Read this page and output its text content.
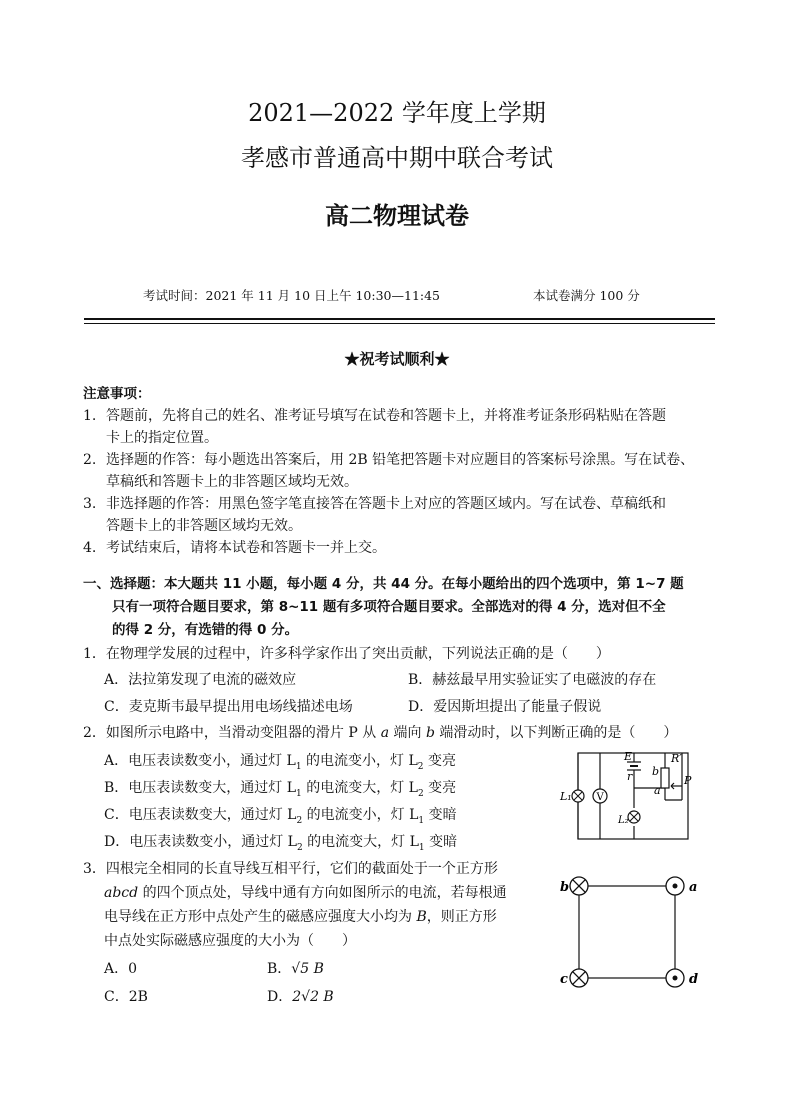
2021—2022 学年度上学期
孝感市普通高中期中联合考试
高二物理试卷
考试时间：2021 年 11 月 10 日上午 10:30—11:45	本试卷满分 100 分
★祝考试顺利★
注意事项：
1. 答题前，先将自己的姓名、准考证号填写在试卷和答题卡上，并将准考证条形码粘贴在答题
卡上的指定位置。
2. 选择题的作答：每小题选出答案后，用 2B 铅笔把答题卡对应题目的答案标号涂黑。写在试卷、
草稿纸和答题卡上的非答题区域均无效。
3. 非选择题的作答：用黑色签字笔直接答在答题卡上对应的答题区域内。写在试卷、草稿纸和
答题卡上的非答题区域均无效。
4. 考试结束后，请将本试卷和答题卡一并上交。
一、选择题：本大题共 11 小题，每小题 4 分，共 44 分。在每小题给出的四个选项中，第 1~7 题
只有一项符合题目要求，第 8~11 题有多项符合题目要求。全部选对的得 4 分，选对但不全
的得 2 分，有选错的得 0 分。
1．在物理学发展的过程中，许多科学家作出了突出贡献，下列说法正确的是（　　）
A．法拉第发现了电流的磁效应	B．赫兹最早用实验证实了电磁波的存在
C．麦克斯韦最早提出用电场线描述电场	D．爱因斯坦提出了能量子假说
2．如图所示电路中，当滑动变阻器的滑片 P 从 a 端向 b 端滑动时，以下判断正确的是（　　）
A．电压表读数变小，通过灯 $L_1$ 的电流变小，灯 $L_2$ 变亮
B．电压表读数变大，通过灯 $L_1$ 的电流变大，灯 $L_2$ 变亮
C．电压表读数变大，通过灯 $L_2$ 的电流变小，灯 $L_1$ 变暗
D．电压表读数变小，通过灯 $L_2$ 的电流变大，灯 $L_1$ 变暗
V
E
r b
a
R′
P
L₁
L₂
3．四根完全相同的长直导线互相平行，它们的截面处于一个正方形
abcd 的四个顶点处，导线中通有方向如图所示的电流，若每根通
电导线在正方形中点处产生的磁感应强度大小均为 B，则正方形
中点处实际磁感应强度的大小为（　　）
A．0	B．√5 B
C．2B	D．2√2 B
b	a
c	d
